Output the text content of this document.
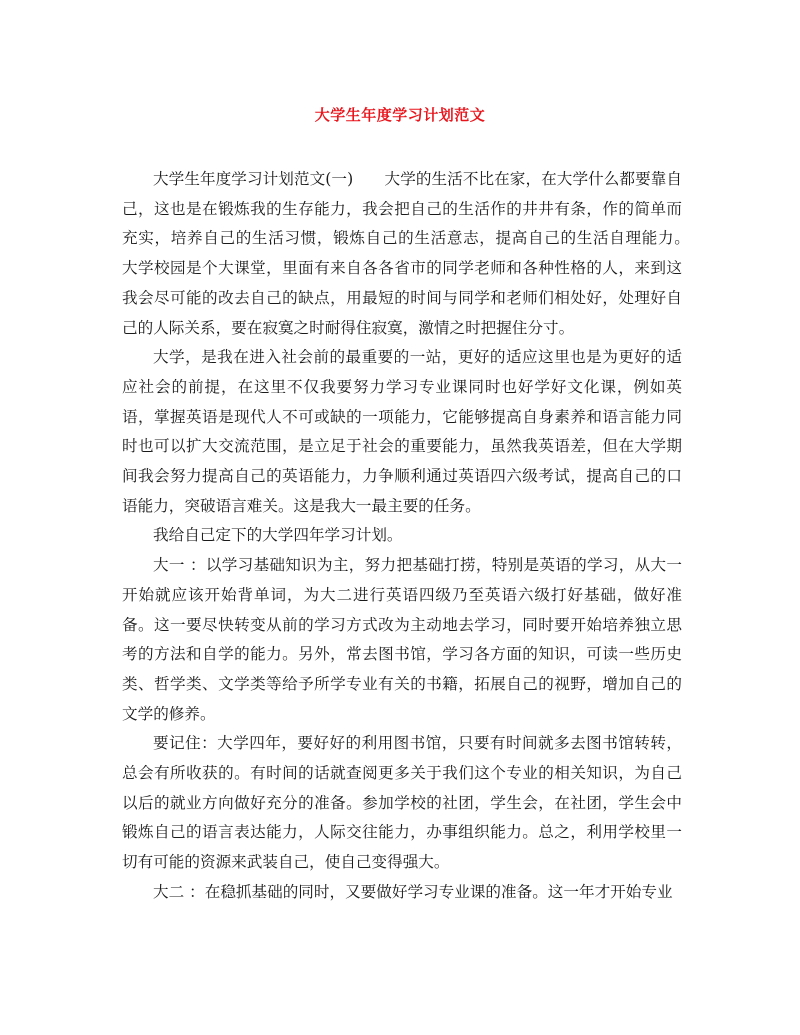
大学生年度学习计划范文

大学生年度学习计划范文(一)　　大学的生活不比在家，在大学什么都要靠自己，这也是在锻炼我的生存能力，我会把自己的生活作的井井有条，作的简单而充实，培养自己的生活习惯，锻炼自己的生活意志，提高自己的生活自理能力。　大学校园是个大课堂，里面有来自各各省市的同学老师和各种性格的人，来到这我会尽可能的改去自己的缺点，用最短的时间与同学和老师们相处好，处理好自己的人际关系，要在寂寞之时耐得住寂寞，激情之时把握住分寸。

大学，是我在进入社会前的最重要的一站，更好的适应这里也是为更好的适应社会的前提，在这里不仅我要努力学习专业课同时也好学好文化课，例如英语，掌握英语是现代人不可或缺的一项能力，它能够提高自身素养和语言能力同时也可以扩大交流范围，是立足于社会的重要能力，虽然我英语差，但在大学期间我会努力提高自己的英语能力，力争顺利通过英语四六级考试，提高自己的口语能力，突破语言难关。这是我大一最主要的任务。

我给自己定下的大学四年学习计划。

大一 ：以学习基础知识为主，努力把基础打捞，特别是英语的学习，从大一开始就应该开始背单词，为大二进行英语四级乃至英语六级打好基础，做好准备。这一要尽快转变从前的学习方式改为主动地去学习，同时要开始培养独立思考的方法和自学的能力。另外，常去图书馆，学习各方面的知识，可读一些历史类、哲学类、文学类等给予所学专业有关的书籍，拓展自己的视野，增加自己的文学的修养。

要记住：大学四年，要好好的利用图书馆，只要有时间就多去图书馆转转，总会有所收获的。有时间的话就查阅更多关于我们这个专业的相关知识，为自己以后的就业方向做好充分的准备。参加学校的社团，学生会，在社团，学生会中锻炼自己的语言表达能力，人际交往能力，办事组织能力。总之，利用学校里一切有可能的资源来武装自己，使自己变得强大。

大二 ：在稳抓基础的同时，又要做好学习专业课的准备。这一年才开始专业
